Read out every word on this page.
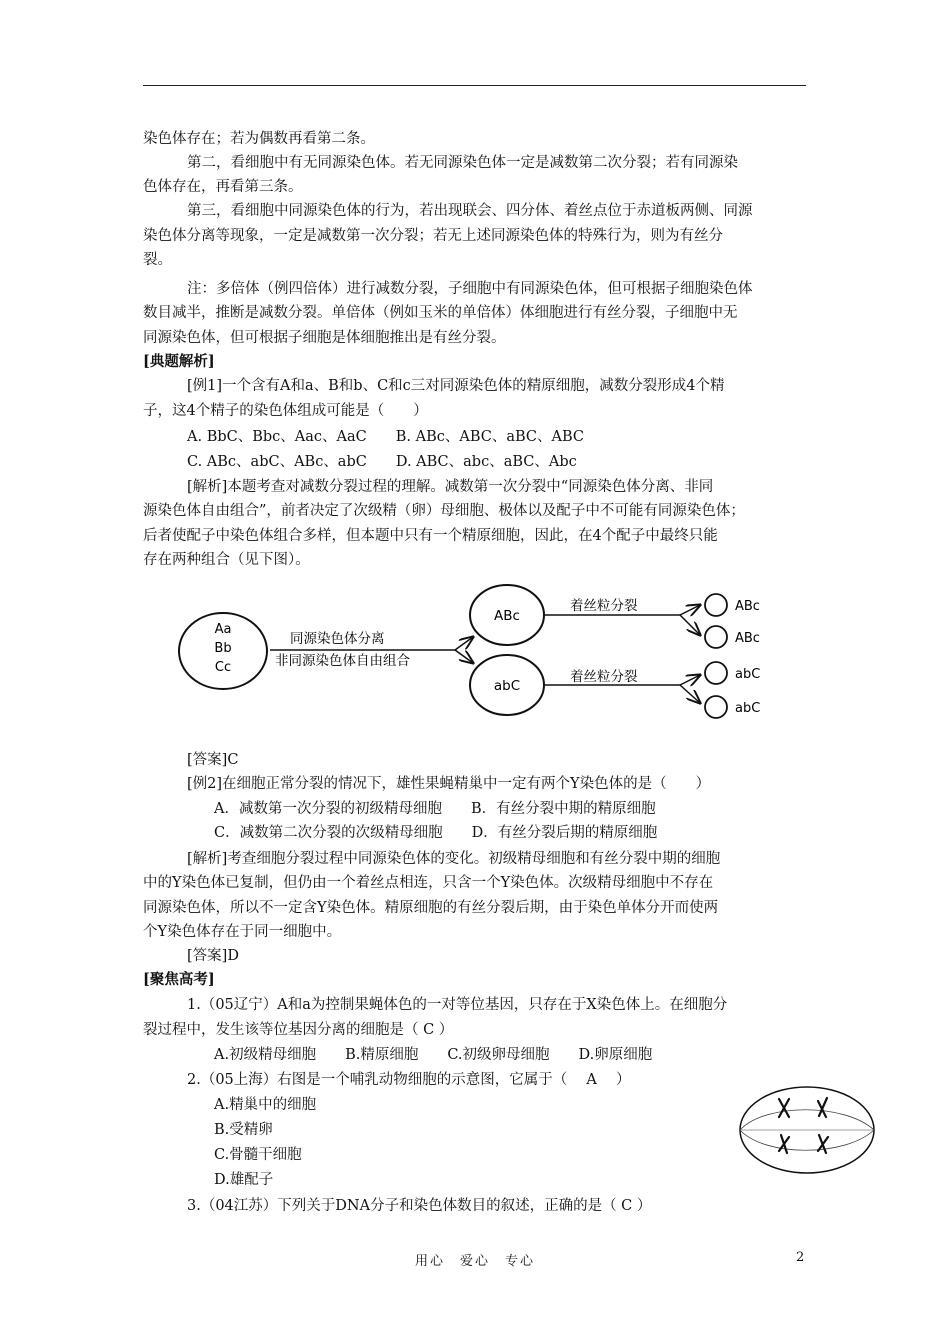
染色体存在；若为偶数再看第二条。
第二，看细胞中有无同源染色体。若无同源染色体一定是减数第二次分裂；若有同源染
色体存在，再看第三条。
第三，看细胞中同源染色体的行为，若出现联会、四分体、着丝点位于赤道板两侧、同源
染色体分离等现象，一定是减数第一次分裂；若无上述同源染色体的特殊行为，则为有丝分
裂。
注：多倍体（例四倍体）进行减数分裂，子细胞中有同源染色体，但可根据子细胞染色体
数目减半，推断是减数分裂。单倍体（例如玉米的单倍体）体细胞进行有丝分裂，子细胞中无
同源染色体，但可根据子细胞是体细胞推出是有丝分裂。
[典题解析]
[例1]一个含有A和a、B和b、C和c三对同源染色体的精原细胞，减数分裂形成4个精
子，这4个精子的染色体组成可能是（　　）
A. BbC、Bbc、Aac、AaC　　B. ABc、ABC、aBC、ABC
C. ABc、abC、ABc、abC　　D. ABC、abc、aBC、Abc
[解析]本题考查对减数分裂过程的理解。减数第一次分裂中“同源染色体分离、非同
源染色体自由组合”，前者决定了次级精（卵）母细胞、极体以及配子中不可能有同源染色体；
后者使配子中染色体组合多样，但本题中只有一个精原细胞，因此，在4个配子中最终只能
存在两种组合（见下图）。
Aa
Bb
Cc
同源染色体分离
非同源染色体自由组合
ABc
abC
着丝粒分裂
着丝粒分裂
ABc
ABc
abC
abC
[答案]C
[例2]在细胞正常分裂的情况下，雄性果蝇精巢中一定有两个Y染色体的是（　　）
A．减数第一次分裂的初级精母细胞　　B．有丝分裂中期的精原细胞
C．减数第二次分裂的次级精母细胞　　D．有丝分裂后期的精原细胞
[解析]考查细胞分裂过程中同源染色体的变化。初级精母细胞和有丝分裂中期的细胞
中的Y染色体已复制，但仍由一个着丝点相连，只含一个Y染色体。次级精母细胞中不存在
同源染色体，所以不一定含Y染色体。精原细胞的有丝分裂后期，由于染色单体分开而使两
个Y染色体存在于同一细胞中。
[答案]D
[聚焦高考]
1.（05辽宁）A和a为控制果蝇体色的一对等位基因，只存在于X染色体上。在细胞分
裂过程中，发生该等位基因分离的细胞是（ C ）
A.初级精母细胞　　B.精原细胞　　C.初级卵母细胞　　D.卵原细胞
2.（05上海）右图是一个哺乳动物细胞的示意图，它属于（　 A 　）
A.精巢中的细胞
B.受精卵
C.骨髓干细胞
D.雄配子
3.（04江苏）下列关于DNA分子和染色体数目的叙述，正确的是（ C ）
用心　爱心　专心	2
